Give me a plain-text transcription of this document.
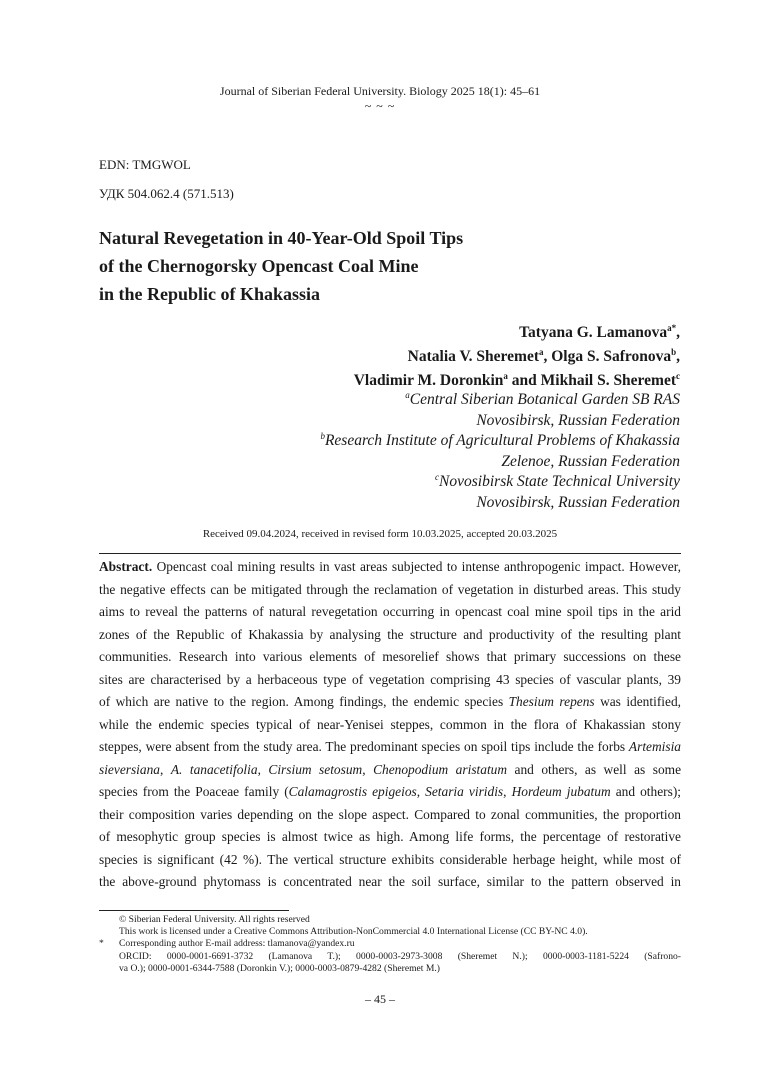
Journal of Siberian Federal University. Biology 2025 18(1): 45–61
~ ~ ~
EDN: TMGWOL
УДК 504.062.4 (571.513)
Natural Revegetation in 40-Year-Old Spoil Tips
of the Chernogorsky Opencast Coal Mine
in the Republic of Khakassia
Tatyana G. Lamanova$^{a*}$,
Natalia V. Sheremet$^a$, Olga S. Safronova$^b$,
Vladimir M. Doronkin$^a$ and Mikhail S. Sheremet$^c$
$^a$Central Siberian Botanical Garden SB RAS
Novosibirsk, Russian Federation
$^b$Research Institute of Agricultural Problems of Khakassia
Zelenoe, Russian Federation
$^c$Novosibirsk State Technical University
Novosibirsk, Russian Federation
Received 09.04.2024, received in revised form 10.03.2025, accepted 20.03.2025
Abstract. Opencast coal mining results in vast areas subjected to intense anthropogenic impact. However,
the negative effects can be mitigated through the reclamation of vegetation in disturbed areas. This study
aims to reveal the patterns of natural revegetation occurring in opencast coal mine spoil tips in the arid
zones of the Republic of Khakassia by analysing the structure and productivity of the resulting plant
communities. Research into various elements of mesorelief shows that primary successions on these
sites are characterised by a herbaceous type of vegetation comprising 43 species of vascular plants, 39
of which are native to the region. Among findings, the endemic species Thesium repens was identified,
while the endemic species typical of near-Yenisei steppes, common in the flora of Khakassian stony
steppes, were absent from the study area. The predominant species on spoil tips include the forbs Artemisia
sieversiana, A. tanacetifolia, Cirsium setosum, Chenopodium aristatum and others, as well as some
species from the Poaceae family (Calamagrostis epigeios, Setaria viridis, Hordeum jubatum and others);
their composition varies depending on the slope aspect. Compared to zonal communities, the proportion
of mesophytic group species is almost twice as high. Among life forms, the percentage of restorative
species is significant (42 %). The vertical structure exhibits considerable herbage height, while most of
the above-ground phytomass is concentrated near the soil surface, similar to the pattern observed in
© Siberian Federal University. All rights reserved
This work is licensed under a Creative Commons Attribution-NonCommercial 4.0 International License (CC BY-NC 4.0).
* Corresponding author E-mail address: tlamanova@yandex.ru
ORCID: 0000-0001-6691-3732 (Lamanova T.); 0000-0003-2973-3008 (Sheremet N.); 0000-0003-1181-5224 (Safrono-
va O.); 0000-0001-6344-7588 (Doronkin V.); 0000-0003-0879-4282 (Sheremet M.)
– 45 –
